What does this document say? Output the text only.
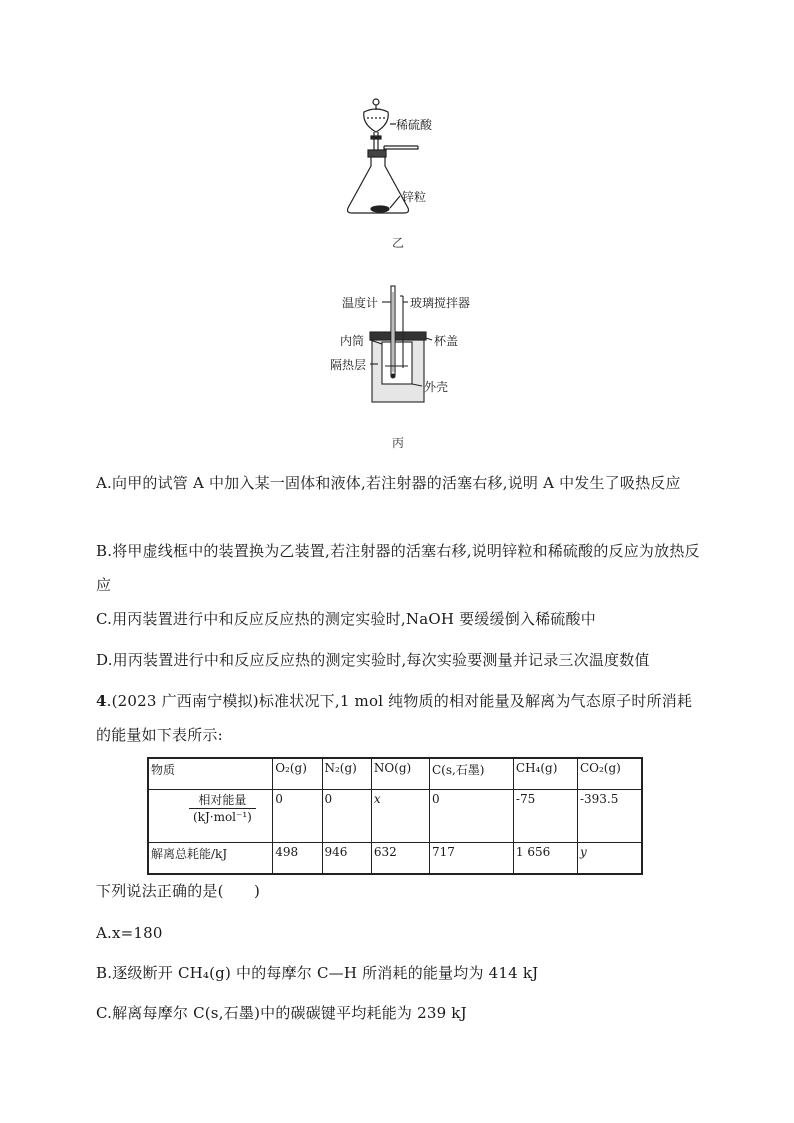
稀硫酸
锌粒
乙
温度计	玻璃搅拌器
内筒	杯盖
隔热层
外壳
丙
A.向甲的试管 A 中加入某一固体和液体,若注射器的活塞右移,说明 A 中发生了吸热反应
B.将甲虚线框中的装置换为乙装置,若注射器的活塞右移,说明锌粒和稀硫酸的反应为放热反应
C.用丙装置进行中和反应反应热的测定实验时,NaOH 要缓缓倒入稀硫酸中
D.用丙装置进行中和反应反应热的测定实验时,每次实验要测量并记录三次温度数值
4.(2023 广西南宁模拟)标准状况下,1 mol 纯物质的相对能量及解离为气态原子时所消耗的能量如下表所示:
物质	O₂(g)	N₂(g)	NO(g)	C(s,石墨)	CH₄(g)	CO₂(g)

$\frac{\text{相对能量}}{\text{(kJ·mol⁻¹)}}$	0	0	x	0	-75	-393.5
解离总耗能/kJ	498	946	632	717	1 656	y
下列说法正确的是(　　)
A.x=180
B.逐级断开 CH₄(g) 中的每摩尔 C—H 所消耗的能量均为 414 kJ
C.解离每摩尔 C(s,石墨)中的碳碳键平均耗能为 239 kJ
